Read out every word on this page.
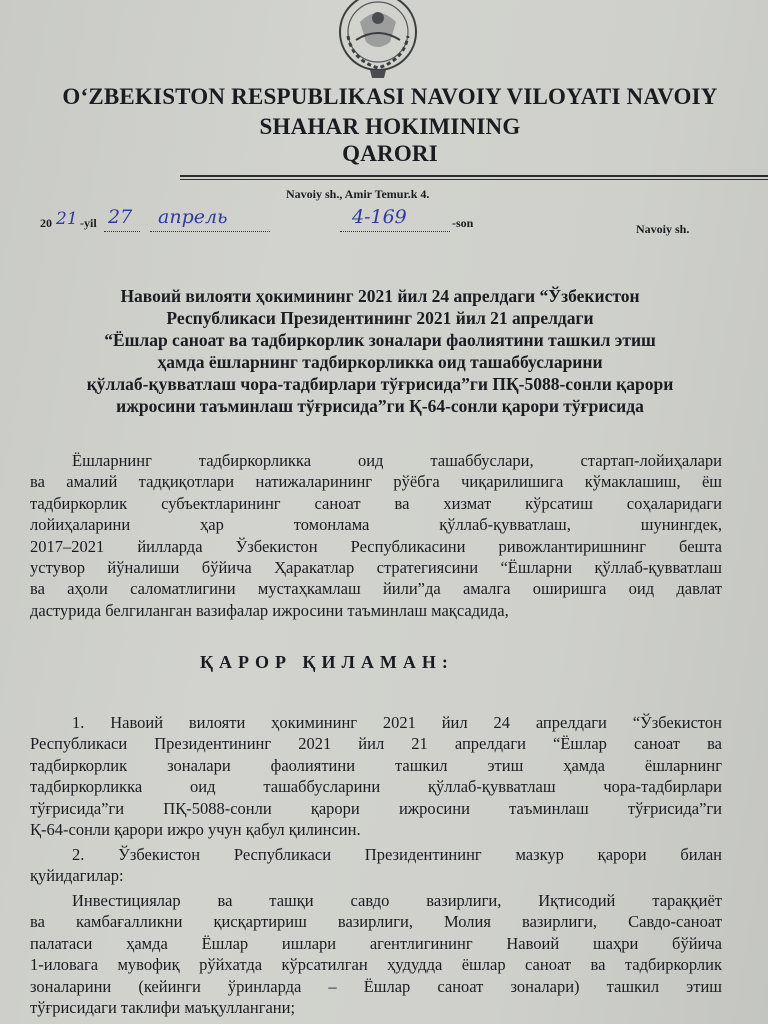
O‘ZBEKISTON RESPUBLIKASI NAVOIY VILOYATI NAVOIY
SHAHAR HOKIMINING
QARORI
Navoiy sh., Amir Temur.k 4.
20 21 -yil 27 апрель	4-169	-son	Navoiy sh.
Навоий вилояти ҳокимининг 2021 йил 24 апрелдаги “Ўзбекистон
Республикаси Президентининг 2021 йил 21 апрелдаги
“Ёшлар саноат ва тадбиркорлик зоналари фаолиятини ташкил этиш
ҳамда ёшларнинг тадбиркорликка оид ташаббусларини
қўллаб-қувватлаш чора-тадбирлари тўғрисида”ги ПҚ-5088-сонли қарори
ижросини таъминлаш тўғрисида”ги Қ-64-сонли қарори тўғрисида
Ёшларнинг тадбиркорликка оид ташаббуслари, стартап-лойиҳалари
ва амалий тадқиқотлари натижаларининг рўёбга чиқарилишига кўмаклашиш, ёш
тадбиркорлик субъектларининг саноат ва хизмат кўрсатиш соҳаларидаги
лойиҳаларини ҳар томонлама қўллаб-қувватлаш, шунингдек,
2017–2021 йилларда Ўзбекистон Республикасини ривожлантиришнинг бешта
устувор йўналиши бўйича Ҳаракатлар стратегиясини “Ёшларни қўллаб-қувватлаш
ва аҳоли саломатлигини мустаҳкамлаш йили”да амалга оширишга оид давлат
дастурида белгиланган вазифалар ижросини таъминлаш мақсадида,
ҚАРОР ҚИЛАМАН:
1. Навоий вилояти ҳокимининг 2021 йил 24 апрелдаги “Ўзбекистон
Республикаси Президентининг 2021 йил 21 апрелдаги “Ёшлар саноат ва
тадбиркорлик зоналари фаолиятини ташкил этиш ҳамда ёшларнинг
тадбиркорликка оид ташаббусларини қўллаб-қувватлаш чора-тадбирлари
тўғрисида”ги ПҚ-5088-сонли қарори ижросини таъминлаш тўғрисида”ги
Қ-64-сонли қарори ижро учун қабул қилинсин.
2. Ўзбекистон Республикаси Президентининг мазкур қарори билан
қуйидагилар:
Инвестициялар ва ташқи савдо вазирлиги, Иқтисодий тараққиёт
ва камбағалликни қисқартириш вазирлиги, Молия вазирлиги, Савдо-саноат
палатаси ҳамда Ёшлар ишлари агентлигининг Навоий шаҳри бўйича
1-иловага мувофиқ рўйхатда кўрсатилган ҳудудда ёшлар саноат ва тадбиркорлик
зоналарини (кейинги ўринларда – Ёшлар саноат зоналари) ташкил этиш
тўғрисидаги таклифи маъқуллангани;
